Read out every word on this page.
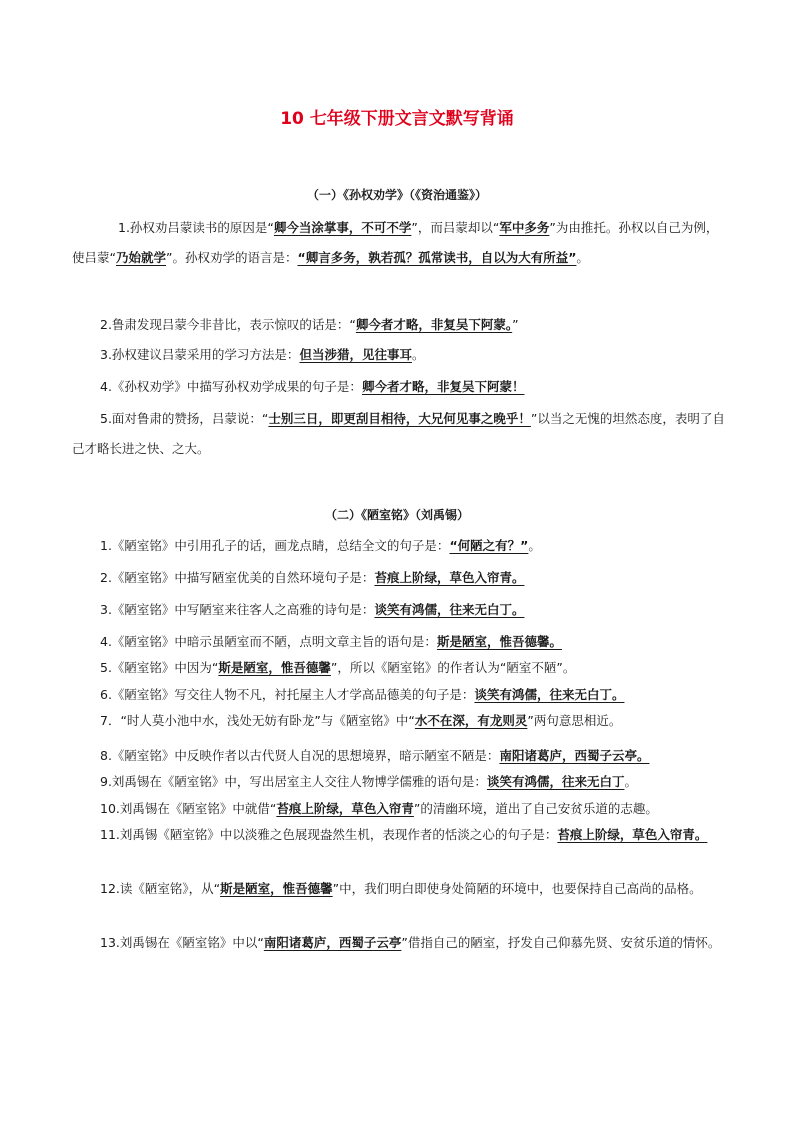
10 七年级下册文言文默写背诵

（一）《孙权劝学》（《资治通鉴》）

1.孙权劝吕蒙读书的原因是“卿今当涂掌事，不可不学”，而吕蒙却以“军中多务”为由推托。孙权以自己为例，使吕蒙“乃始就学”。孙权劝学的语言是：“卿言多务，孰若孤？孤常读书，自以为大有所益”。

2.鲁肃发现吕蒙今非昔比，表示惊叹的话是：“卿今者才略，非复吴下阿蒙。”

3.孙权建议吕蒙采用的学习方法是：但当涉猎，见往事耳。

4.《孙权劝学》中描写孙权劝学成果的句子是：卿今者才略，非复吴下阿蒙！

5.面对鲁肃的赞扬，吕蒙说：“士别三日，即更刮目相待，大兄何见事之晚乎！”以当之无愧的坦然态度，表明了自己才略长进之快、之大。

（二）《陋室铭》（刘禹锡）

1.《陋室铭》中引用孔子的话，画龙点睛，总结全文的句子是：“何陋之有？”。

2.《陋室铭》中描写陋室优美的自然环境句子是：苔痕上阶绿，草色入帘青。

3.《陋室铭》中写陋室来往客人之高雅的诗句是：谈笑有鸿儒，往来无白丁。

4.《陋室铭》中暗示虽陋室而不陋，点明文章主旨的语句是：斯是陋室，惟吾德馨。

5.《陋室铭》中因为“斯是陋室，惟吾德馨”，所以《陋室铭》的作者认为“陋室不陋”。

6.《陋室铭》写交往人物不凡，衬托屋主人才学高品德美的句子是：谈笑有鸿儒，往来无白丁。

7．“时人莫小池中水，浅处无妨有卧龙”与《陋室铭》中“水不在深，有龙则灵”两句意思相近。

8.《陋室铭》中反映作者以古代贤人自况的思想境界，暗示陋室不陋是：南阳诸葛庐，西蜀子云亭。

9.刘禹锡在《陋室铭》中，写出居室主人交往人物博学儒雅的语句是：谈笑有鸿儒，往来无白丁。

10.刘禹锡在《陋室铭》中就借“苔痕上阶绿，草色入帘青”的清幽环境，道出了自己安贫乐道的志趣。

11.刘禹锡《陋室铭》中以淡雅之色展现盎然生机，表现作者的恬淡之心的句子是：苔痕上阶绿，草色入帘青。

12.读《陋室铭》，从“斯是陋室，惟吾德馨”中，我们明白即使身处简陋的环境中，也要保持自己高尚的品格。

13.刘禹锡在《陋室铭》中以“南阳诸葛庐，西蜀子云亭”借指自己的陋室，抒发自己仰慕先贤、安贫乐道的情怀。
